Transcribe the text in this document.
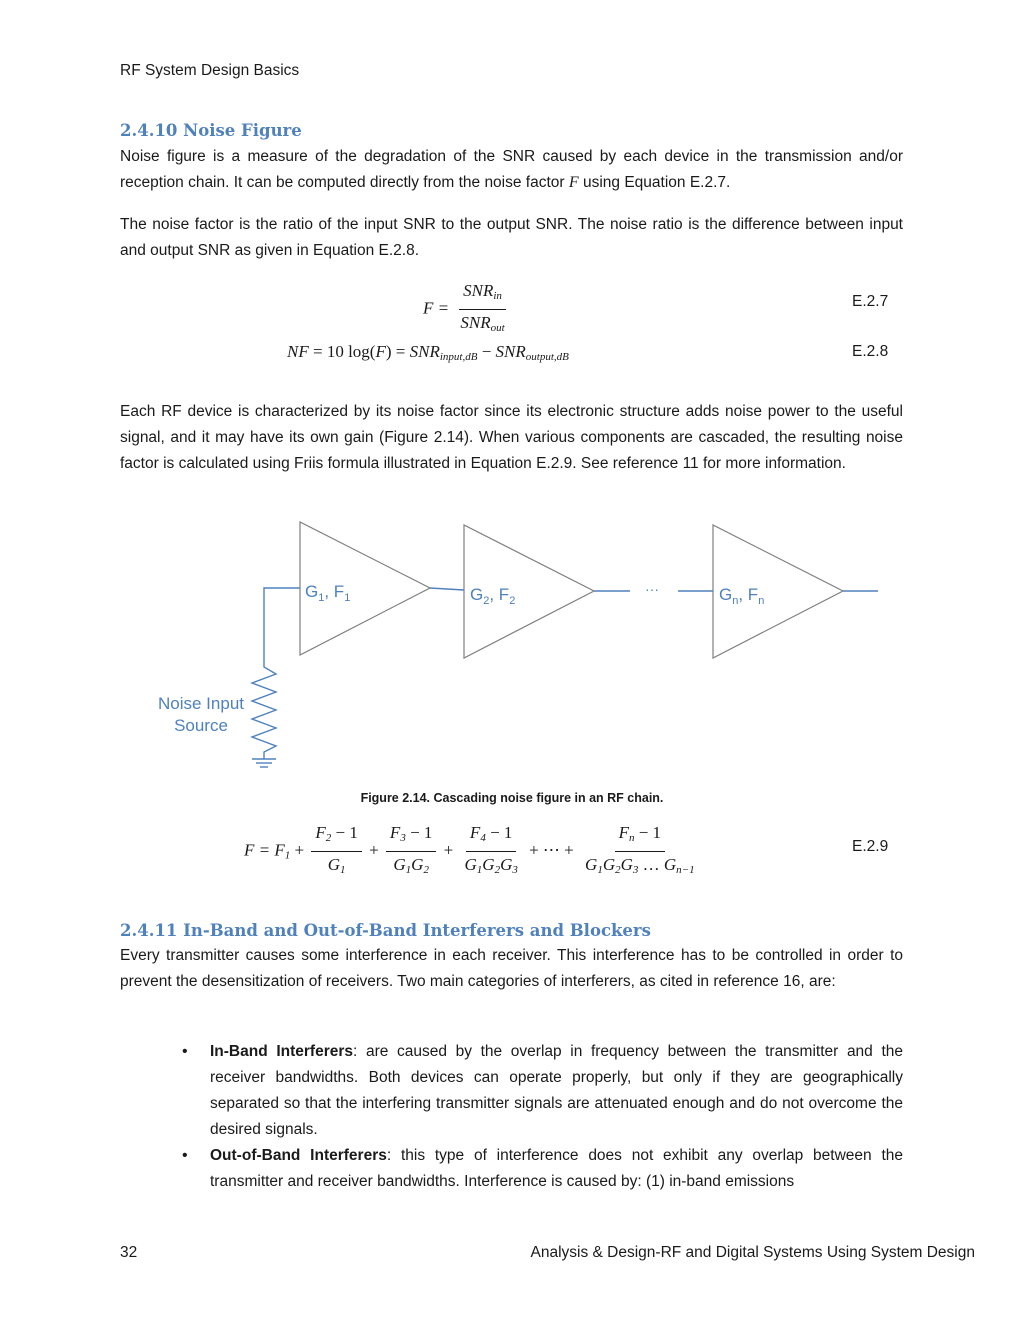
RF System Design Basics
2.4.10 Noise Figure
Noise figure is a measure of the degradation of the SNR caused by each device in the transmission and/or reception chain. It can be computed directly from the noise factor F using Equation E.2.7.
The noise factor is the ratio of the input SNR to the output SNR. The noise ratio is the difference between input and output SNR as given in Equation E.2.8.
$F = \frac{SNR_{in}}{SNR_{out}}$	E.2.7
NF = 10 $\log(F) = SNR_{input,dB} - SNR_{output,dB}$	E.2.8
Each RF device is characterized by its noise factor since its electronic structure adds noise power to the useful signal, and it may have its own gain (Figure 2.14). When various components are cascaded, the resulting noise factor is calculated using Friis formula illustrated in Equation E.2.9. See reference 11 for more information.
$G_1$, $F_1$	$G_2$, $F_2$	$G_n$, $F_n$
···
Noise Input
Source
Figure 2.14. Cascading noise figure in an RF chain.
$F = F_1 + \frac{F_2 - 1}{G_1} + \frac{F_3 - 1}{G_1G_2} + \frac{F_4 - 1}{G_1G_2G_3}$ + ⋯ + $\frac{F_n - 1}{G_1G_2G_3 \dots G_{n-1}}$	E.2.9
2.4.11 In-Band and Out-of-Band Interferers and Blockers
Every transmitter causes some interference in each receiver. This interference has to be controlled in order to prevent the desensitization of receivers. Two main categories of interferers, as cited in reference 16, are:
• In-Band Interferers: are caused by the overlap in frequency between the transmitter and the receiver bandwidths. Both devices can operate properly, but only if they are geographically separated so that the interfering transmitter signals are attenuated enough and do not overcome the desired signals.
• Out-of-Band Interferers: this type of interference does not exhibit any overlap between the transmitter and receiver bandwidths. Interference is caused by: (1) in-band emissions
32	Analysis & Design-RF and Digital Systems Using System Design
